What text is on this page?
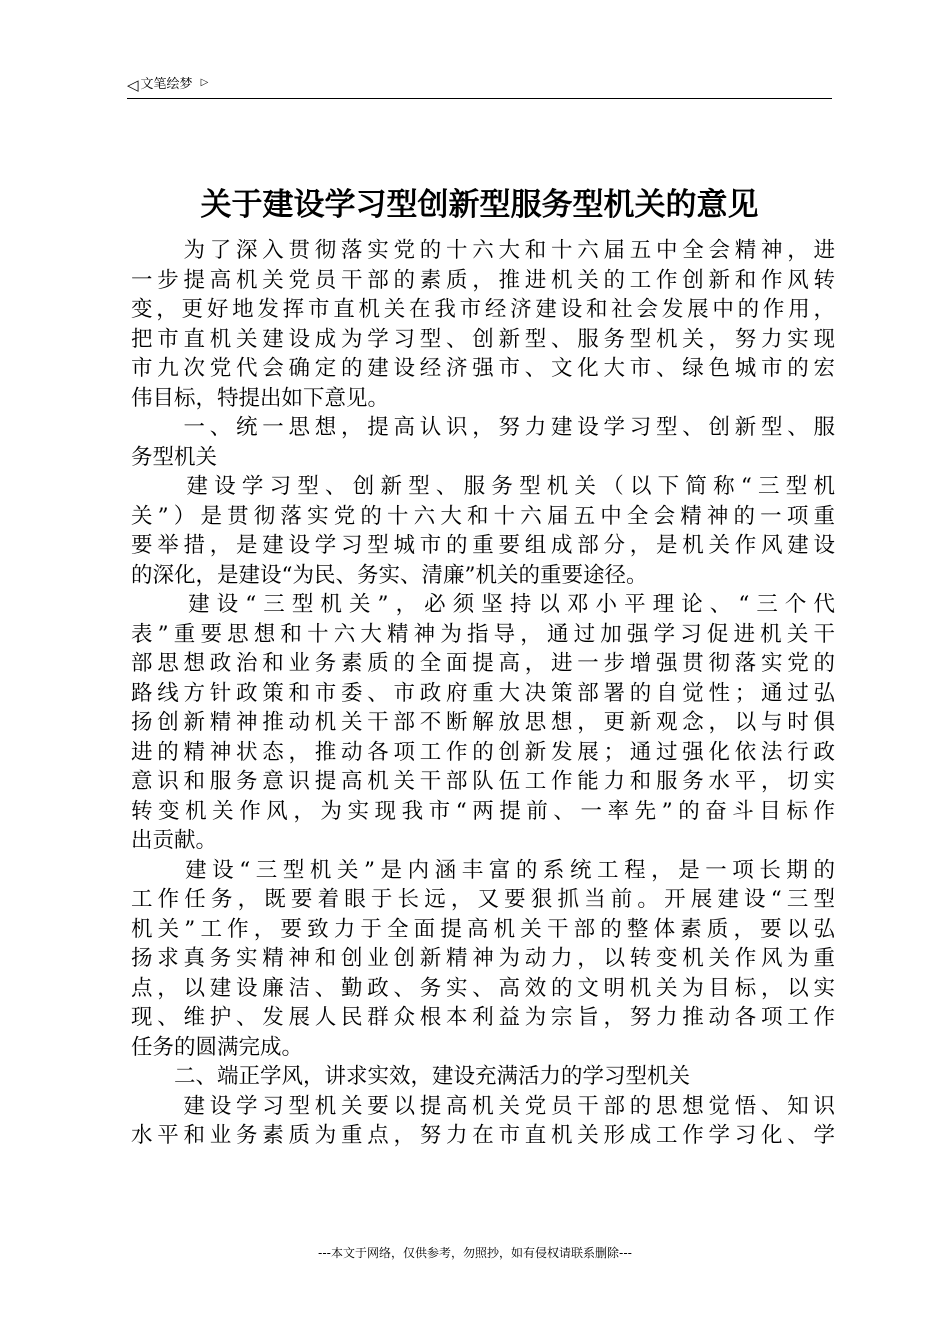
◁ 文笔绘梦 ▷
关于建设学习型创新型服务型机关的意见
　　为了深入贯彻落实党的十六大和十六届五中全会精神，进
一步提高机关党员干部的素质，推进机关的工作创新和作风转
变，更好地发挥市直机关在我市经济建设和社会发展中的作用，
把市直机关建设成为学习型、创新型、服务型机关，努力实现
市九次党代会确定的建设经济强市、文化大市、绿色城市的宏
伟目标，特提出如下意见。
　　一、统一思想，提高认识，努力建设学习型、创新型、服
务型机关
　　建设学习型、创新型、服务型机关（以下简称“三型机
关”）是贯彻落实党的十六大和十六届五中全会精神的一项重
要举措，是建设学习型城市的重要组成部分，是机关作风建设
的深化，是建设“为民、务实、清廉”机关的重要途径。
　　建设“三型机关”，必须坚持以邓小平理论、“三个代
表”重要思想和十六大精神为指导，通过加强学习促进机关干
部思想政治和业务素质的全面提高，进一步增强贯彻落实党的
路线方针政策和市委、市政府重大决策部署的自觉性；通过弘
扬创新精神推动机关干部不断解放思想，更新观念，以与时俱
进的精神状态，推动各项工作的创新发展；通过强化依法行政
意识和服务意识提高机关干部队伍工作能力和服务水平，切实
转变机关作风，为实现我市“两提前、一率先”的奋斗目标作
出贡献。
　　建设“三型机关”是内涵丰富的系统工程，是一项长期的
工作任务，既要着眼于长远，又要狠抓当前。开展建设“三型
机关”工作，要致力于全面提高机关干部的整体素质，要以弘
扬求真务实精神和创业创新精神为动力，以转变机关作风为重
点，以建设廉洁、勤政、务实、高效的文明机关为目标，以实
现、维护、发展人民群众根本利益为宗旨，努力推动各项工作
任务的圆满完成。
　　二、端正学风，讲求实效，建设充满活力的学习型机关
　　建设学习型机关要以提高机关党员干部的思想觉悟、知识
水平和业务素质为重点，努力在市直机关形成工作学习化、学
---本文于网络，仅供参考，勿照抄，如有侵权请联系删除---
